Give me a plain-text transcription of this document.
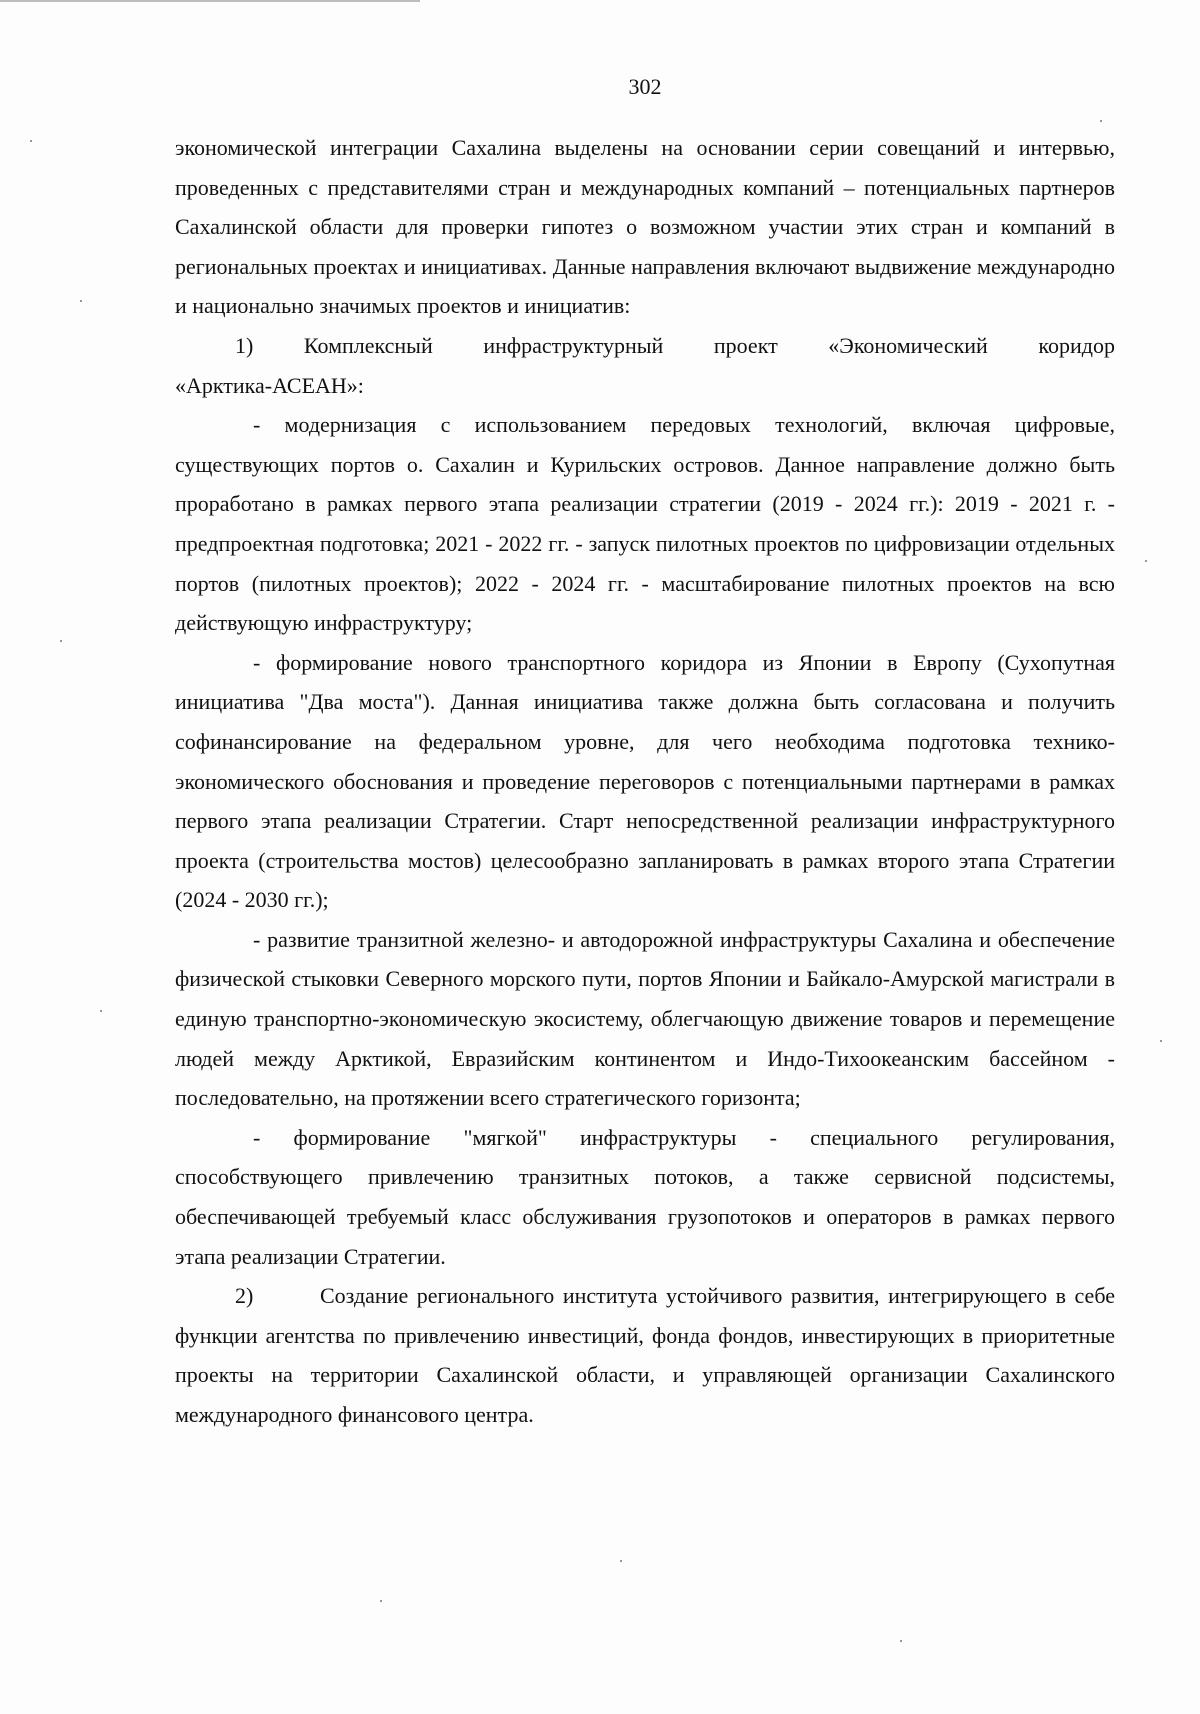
302

экономической интеграции Сахалина выделены на основании серии совещаний и интервью, проведенных с представителями стран и международных компаний – потенциальных партнеров Сахалинской области для проверки гипотез о возможном участии этих стран и компаний в региональных проектах и инициативах. Данные направления включают выдвижение международно и национально значимых проектов и инициатив:

1) Комплексный инфраструктурный проект «Экономический коридор

«Арктика-АСЕАН»:

- модернизация с использованием передовых технологий, включая цифровые, существующих портов о. Сахалин и Курильских островов. Данное направление должно быть проработано в рамках первого этапа реализации стратегии (2019 - 2024 гг.): 2019 - 2021 г. - предпроектная подготовка; 2021 - 2022 гг. - запуск пилотных проектов по цифровизации отдельных портов (пилотных проектов); 2022 - 2024 гг. - масштабирование пилотных проектов на всю действующую инфраструктуру;

- формирование нового транспортного коридора из Японии в Европу (Сухопутная инициатива "Два моста"). Данная инициатива также должна быть согласована и получить софинансирование на федеральном уровне, для чего необходима подготовка технико-экономического обоснования и проведение переговоров с потенциальными партнерами в рамках первого этапа реализации Стратегии. Старт непосредственной реализации инфраструктурного проекта (строительства мостов) целесообразно запланировать в рамках второго этапа Стратегии (2024 - 2030 гг.);

- развитие транзитной железно- и автодорожной инфраструктуры Сахалина и обеспечение физической стыковки Северного морского пути, портов Японии и Байкало-Амурской магистрали в единую транспортно-экономическую экосистему, облегчающую движение товаров и перемещение людей между Арктикой, Евразийским континентом и Индо-Тихоокеанским бассейном - последовательно, на протяжении всего стратегического горизонта;

- формирование "мягкой" инфраструктуры - специального регулирования, способствующего привлечению транзитных потоков, а также сервисной подсистемы, обеспечивающей требуемый класс обслуживания грузопотоков и операторов в рамках первого этапа реализации Стратегии.

2)	Создание регионального института устойчивого развития, интегрирующего в себе функции агентства по привлечению инвестиций, фонда фондов, инвестирующих в приоритетные проекты на территории Сахалинской области, и управляющей организации Сахалинского международного финансового центра.
